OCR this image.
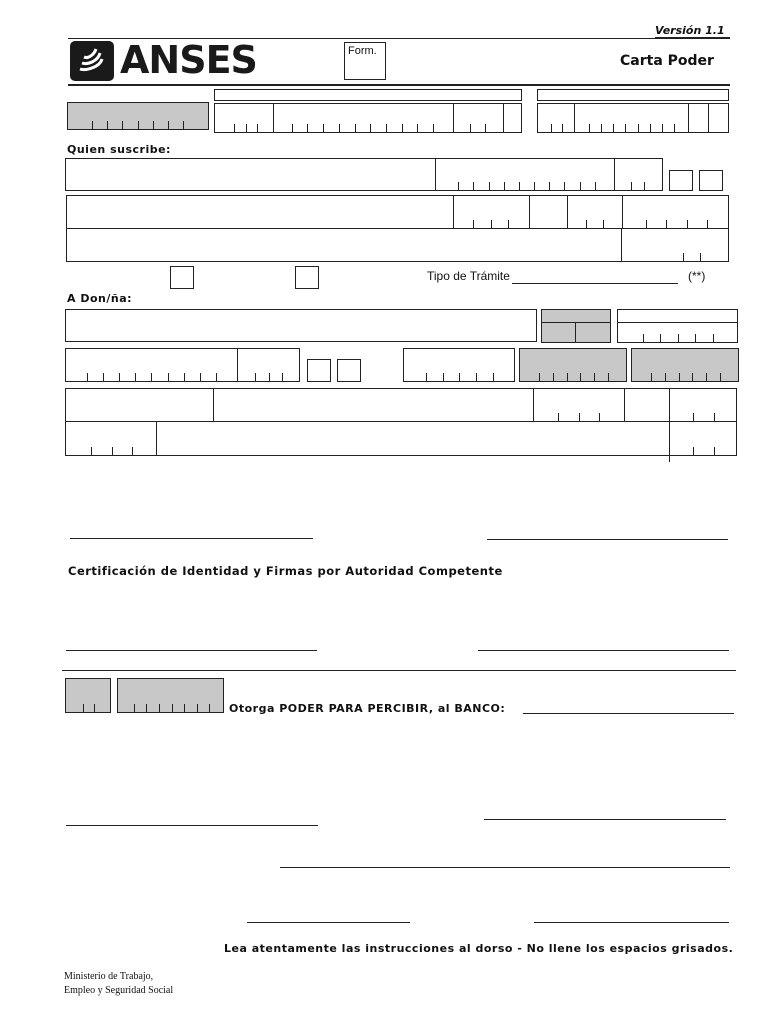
Versión 1.1
ANSES	Form.
Carta Poder
Quien suscribe:
Tipo de Trámite	(**)
A Don/ña:
Certificación de Identidad y Firmas por Autoridad Competente
Otorga PODER PARA PERCIBIR, al BANCO:
Lea atentamente las instrucciones al dorso - No llene los espacios grisados.
Ministerio de Trabajo,
Empleo y Seguridad Social
